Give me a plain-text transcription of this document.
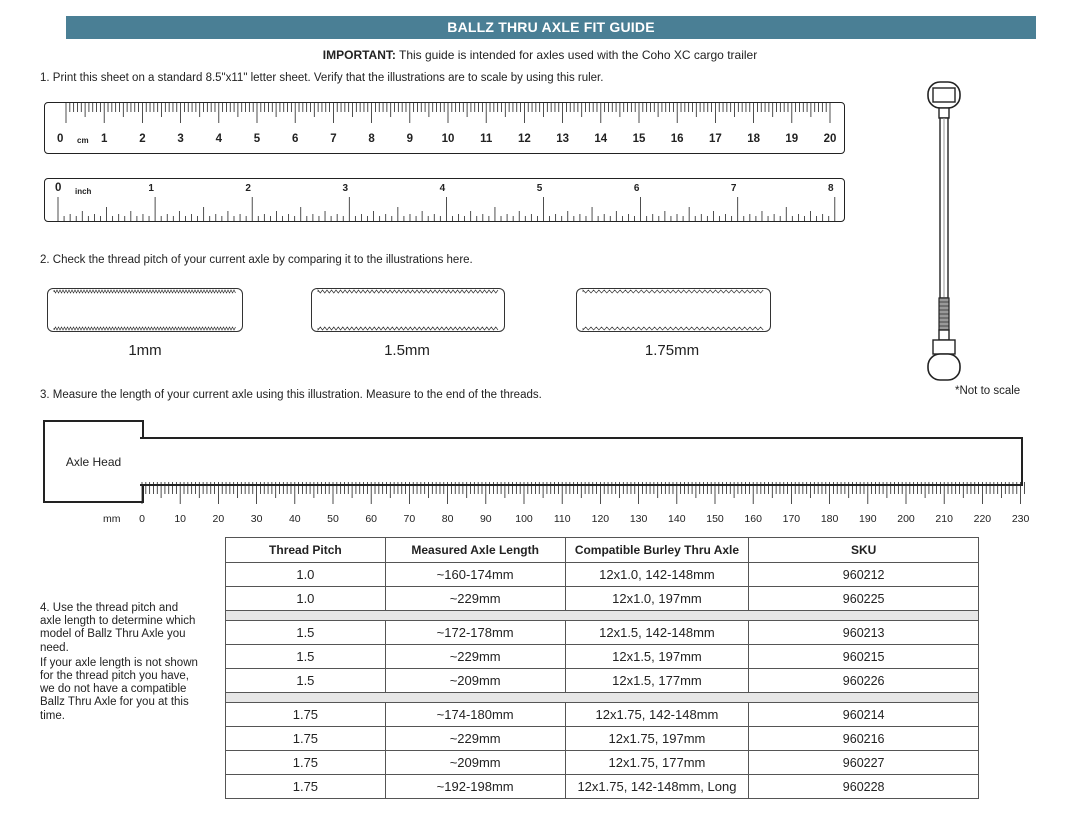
BALLZ THRU AXLE FIT GUIDE
IMPORTANT: This guide is intended for axles used with the Coho XC cargo trailer
1. Print this sheet on a standard 8.5"x11" letter sheet. Verify that the illustrations are to scale by using this ruler.
0 cm 1	2	3	4	5	6	7	8	9 10 11 12 13 14 15 16 17 18 19 20
0 inch	1	2	3	4	5	6	7	8
2. Check the thread pitch of your current axle by comparing it to the illustrations here.
1mm	1.5mm	1.75mm
*Not to scale
3. Measure the length of your current axle using this illustration. Measure to the end of the threads.
Axle Head
mm 0	10	20	30	40	50	60	70	80	90 100 110 120 130 140 150 160 170 180 190 200 210 220 230
4. Use the thread pitch and axle length to determine which model of Ballz Thru Axle you need.
If your axle length is not shown for the thread pitch you have, we do not have a compatible Ballz Thru Axle for you at this time.
Thread Pitch	Measured Axle Length	Compatible Burley Thru Axle	SKU
1.0	~160-174mm	12x1.0, 142-148mm	960212
1.0	~229mm	12x1.0, 197mm	960225

1.5	~172-178mm	12x1.5, 142-148mm	960213
1.5	~229mm	12x1.5, 197mm	960215
1.5	~209mm	12x1.5, 177mm	960226

1.75	~174-180mm	12x1.75, 142-148mm	960214
1.75	~229mm	12x1.75, 197mm	960216
1.75	~209mm	12x1.75, 177mm	960227
1.75	~192-198mm	12x1.75, 142-148mm, Long	960228
